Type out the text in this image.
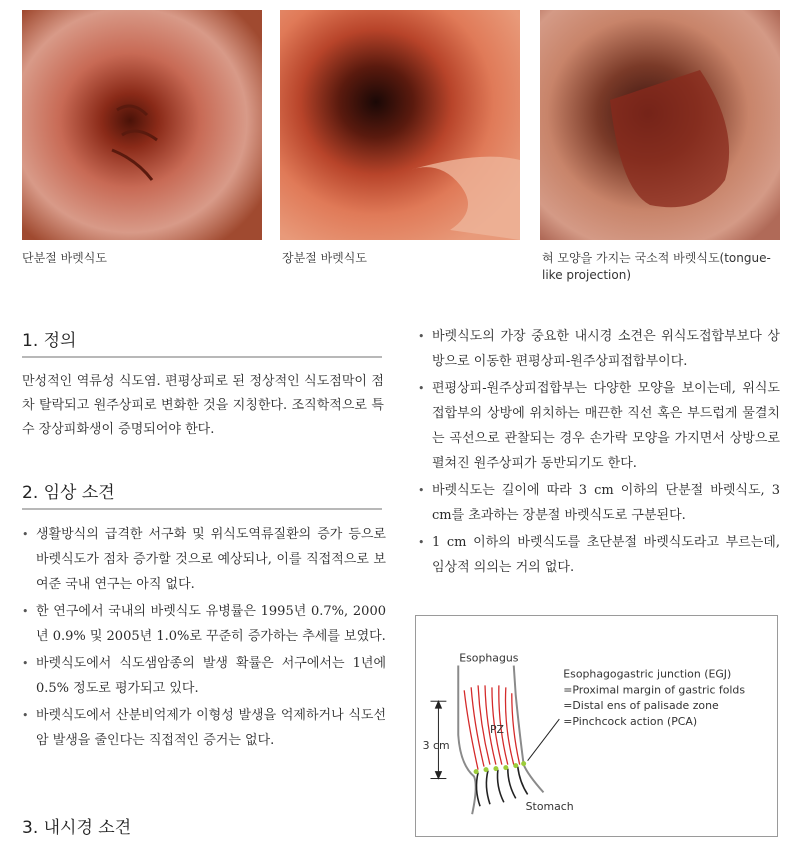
단분절 바렛식도	장분절 바렛식도	혀 모양을 가지는 국소적 바렛식도(tongue-like projection)
1. 정의

만성적인 역류성 식도염. 편평상피로 된 정상적인 식도점막이 점차 탈락되고 원주상피로 변화한 것을 지칭한다. 조직학적으로 특수 장상피화생이 증명되어야 한다.

2. 임상 소견
• 생활방식의 급격한 서구화 및 위식도역류질환의 증가 등으로 바렛식도가 점차 증가할 것으로 예상되나, 이를 직접적으로 보여준 국내 연구는 아직 없다.
• 한 연구에서 국내의 바렛식도 유병률은 1995년 0.7%, 2000년 0.9% 및 2005년 1.0%로 꾸준히 증가하는 추세를 보였다.
• 바렛식도에서 식도샘암종의 발생 확률은 서구에서는 1년에 0.5% 정도로 평가되고 있다.
• 바렛식도에서 산분비억제가 이형성 발생을 억제하거나 식도선암 발생을 줄인다는 직접적인 증거는 없다.
3. 내시경 소견
• 바렛식도의 가장 중요한 내시경 소견은 위식도접합부보다 상방으로 이동한 편평상피-원주상피접합부이다.
• 편평상피-원주상피접합부는 다양한 모양을 보이는데, 위식도접합부의 상방에 위치하는 매끈한 직선 혹은 부드럽게 물결치는 곡선으로 관찰되는 경우 손가락 모양을 가지면서 상방으로 펼쳐진 원주상피가 동반되기도 한다.
• 바렛식도는 길이에 따라 3 cm 이하의 단분절 바렛식도, 3 cm를 초과하는 장분절 바렛식도로 구분된다.
• 1 cm 이하의 바렛식도를 초단분절 바렛식도라고 부르는데, 임상적 의의는 거의 없다.
Esophagus
PZ
3 cm
Stomach
Esophagogastric junction (EGJ)
=Proximal margin of gastric folds
=Distal ens of palisade zone
=Pinchcock action (PCA)
